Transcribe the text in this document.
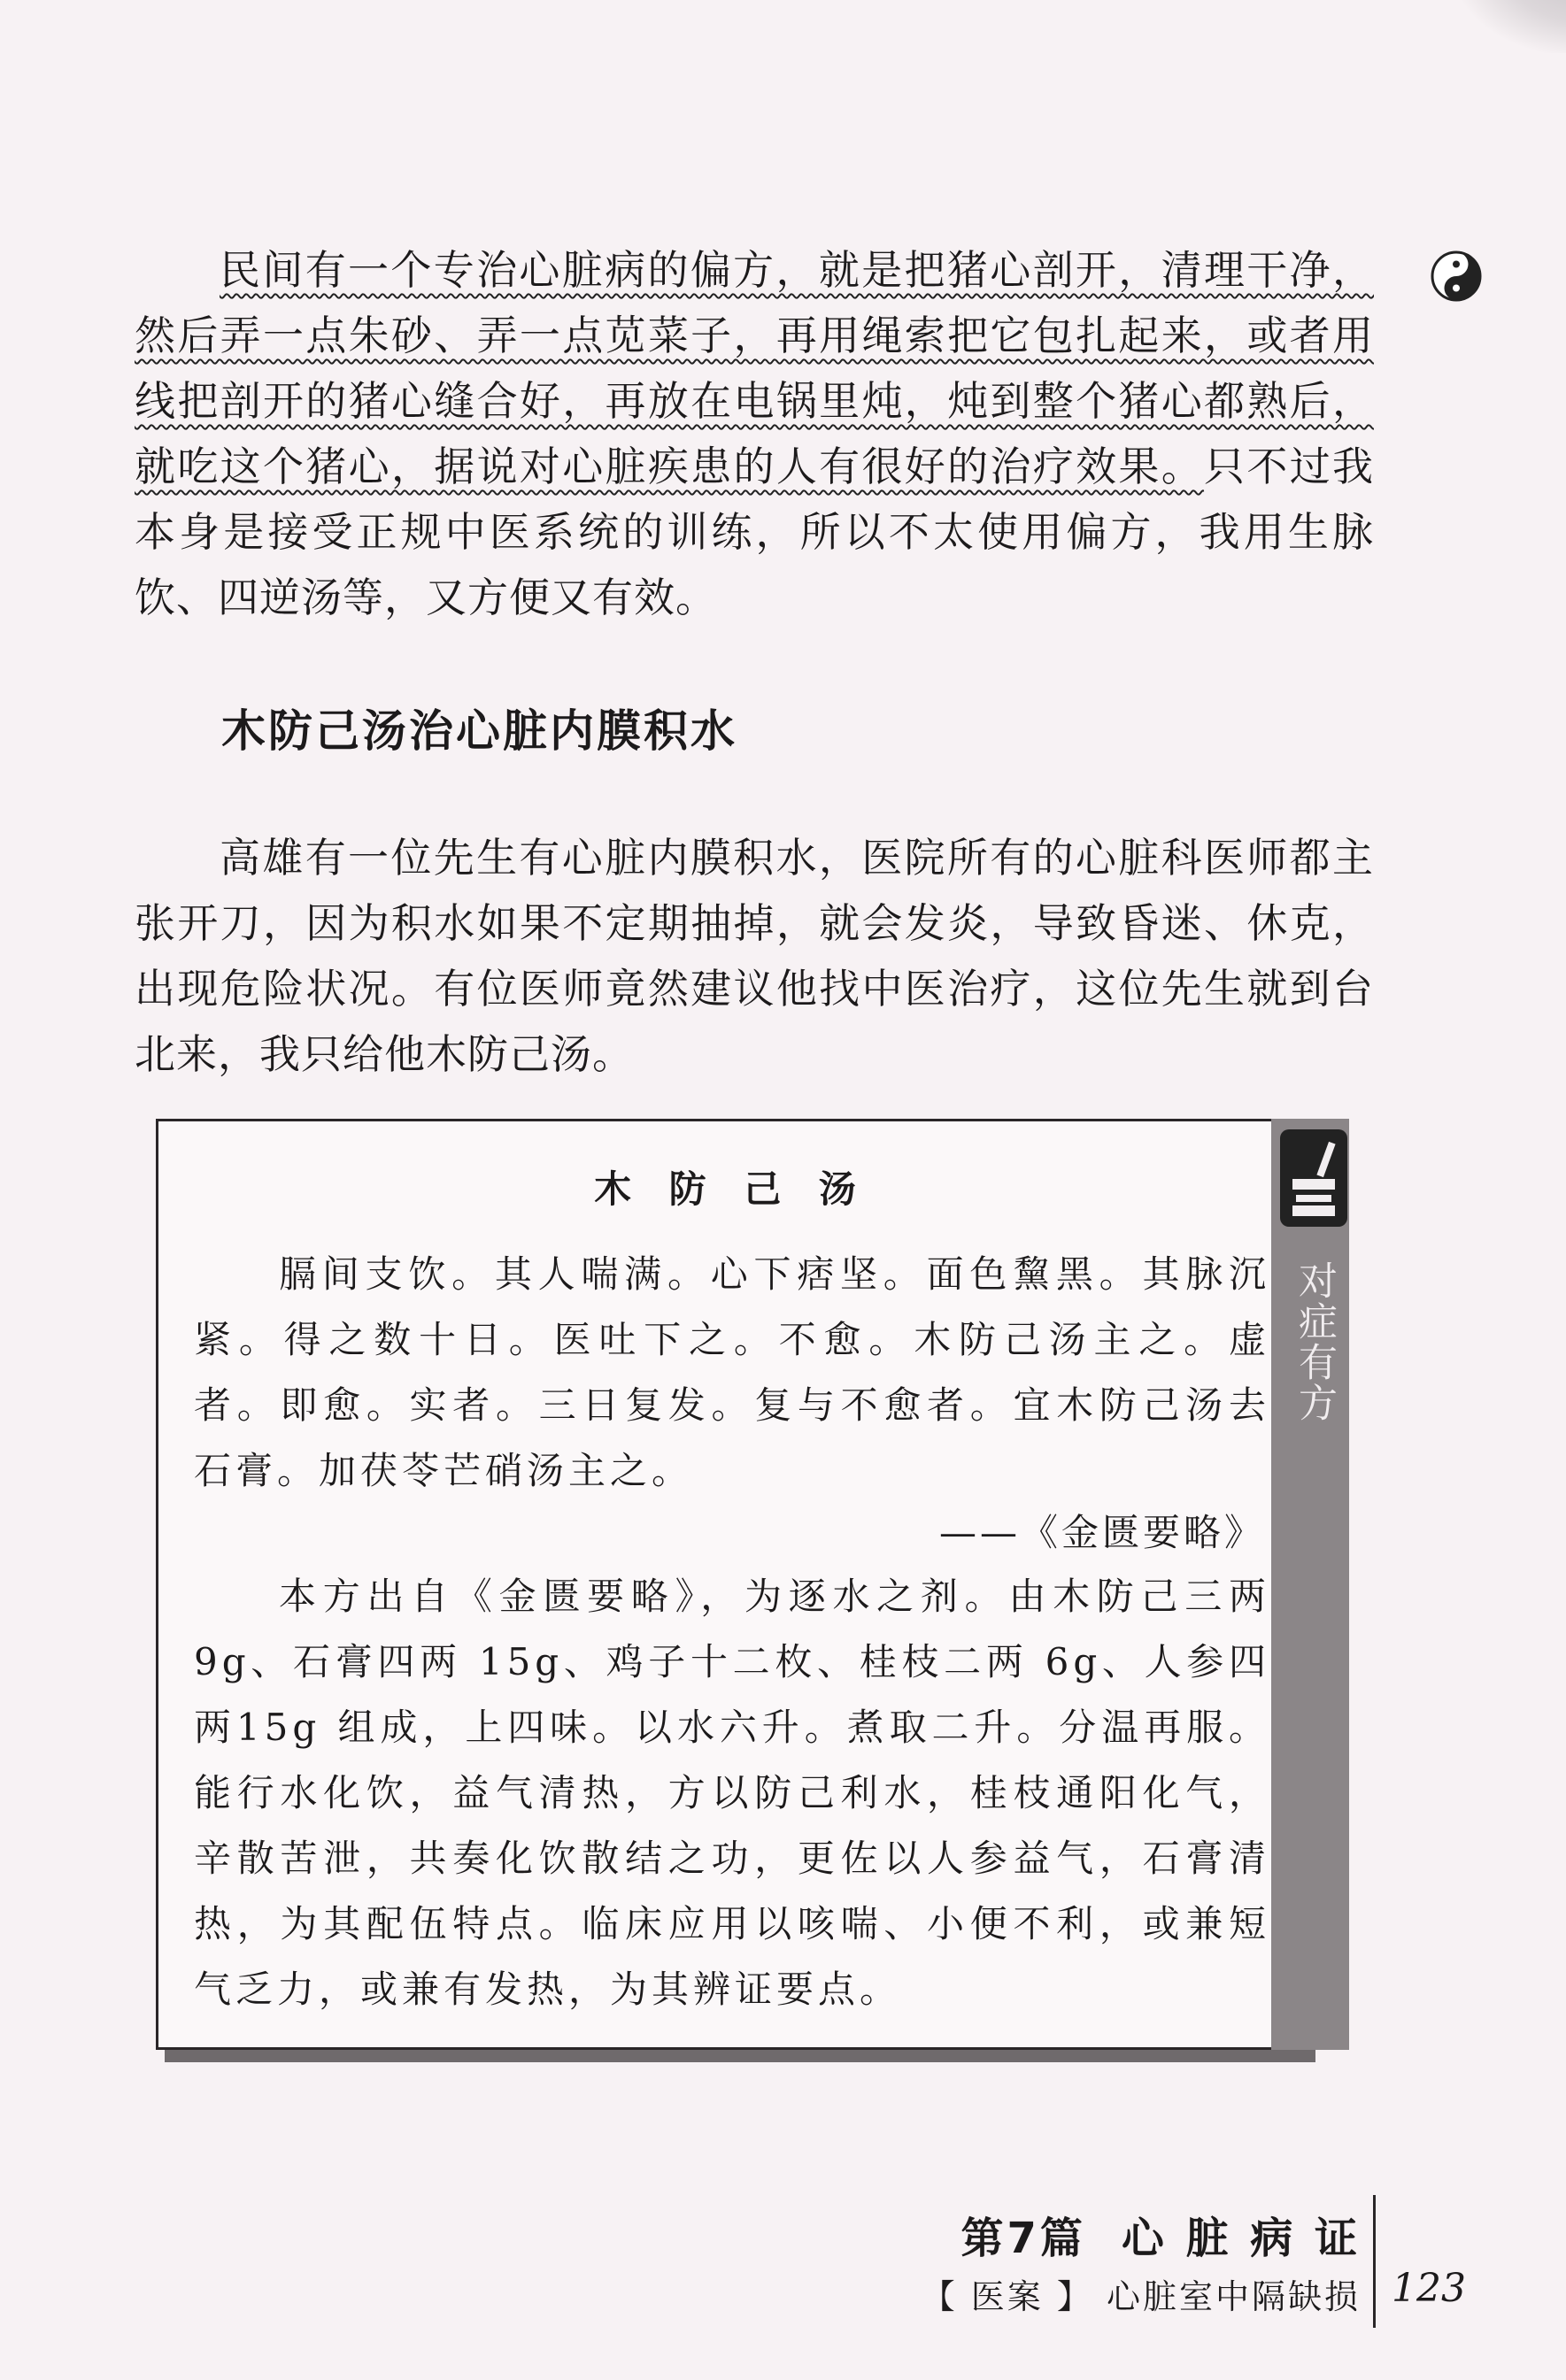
民间有一个专治心脏病的偏方，就是把猪心剖开，清理干净，然后弄一点朱砂、弄一点苋菜子，再用绳索把它包扎起来，或者用线把剖开的猪心缝合好，再放在电锅里炖，炖到整个猪心都熟后，就吃这个猪心，据说对心脏疾患的人有很好的治疗效果。只不过我本身是接受正规中医系统的训练，所以不太使用偏方，我用生脉饮、四逆汤等，又方便又有效。

木防己汤治心脏内膜积水

高雄有一位先生有心脏内膜积水，医院所有的心脏科医师都主张开刀，因为积水如果不定期抽掉，就会发炎，导致昏迷、休克，出现危险状况。有位医师竟然建议他找中医治疗，这位先生就到台北来，我只给他木防己汤。

木 防 己 汤

膈间支饮。其人喘满。心下痞坚。面色黧黑。其脉沉紧。得之数十日。医吐下之。不愈。木防己汤主之。虚者。即愈。实者。三日复发。复与不愈者。宜木防己汤去石膏。加茯苓芒硝汤主之。

——《金匮要略》

本方出自《金匮要略》，为逐水之剂。由木防己三两9g、石膏四两 15g、鸡子十二枚、桂枝二两 6g、人参四两15g 组成，上四味。以水六升。煮取二升。分温再服。能行水化饮，益气清热，方以防己利水，桂枝通阳化气，辛散苦泄，共奏化饮散结之功，更佐以人参益气，石膏清热，为其配伍特点。临床应用以咳喘、小便不利，或兼短气乏力，或兼有发热，为其辨证要点。

对症有方

第7篇 心 脏 病 证

【 医案 】 心脏室中隔缺损 123
